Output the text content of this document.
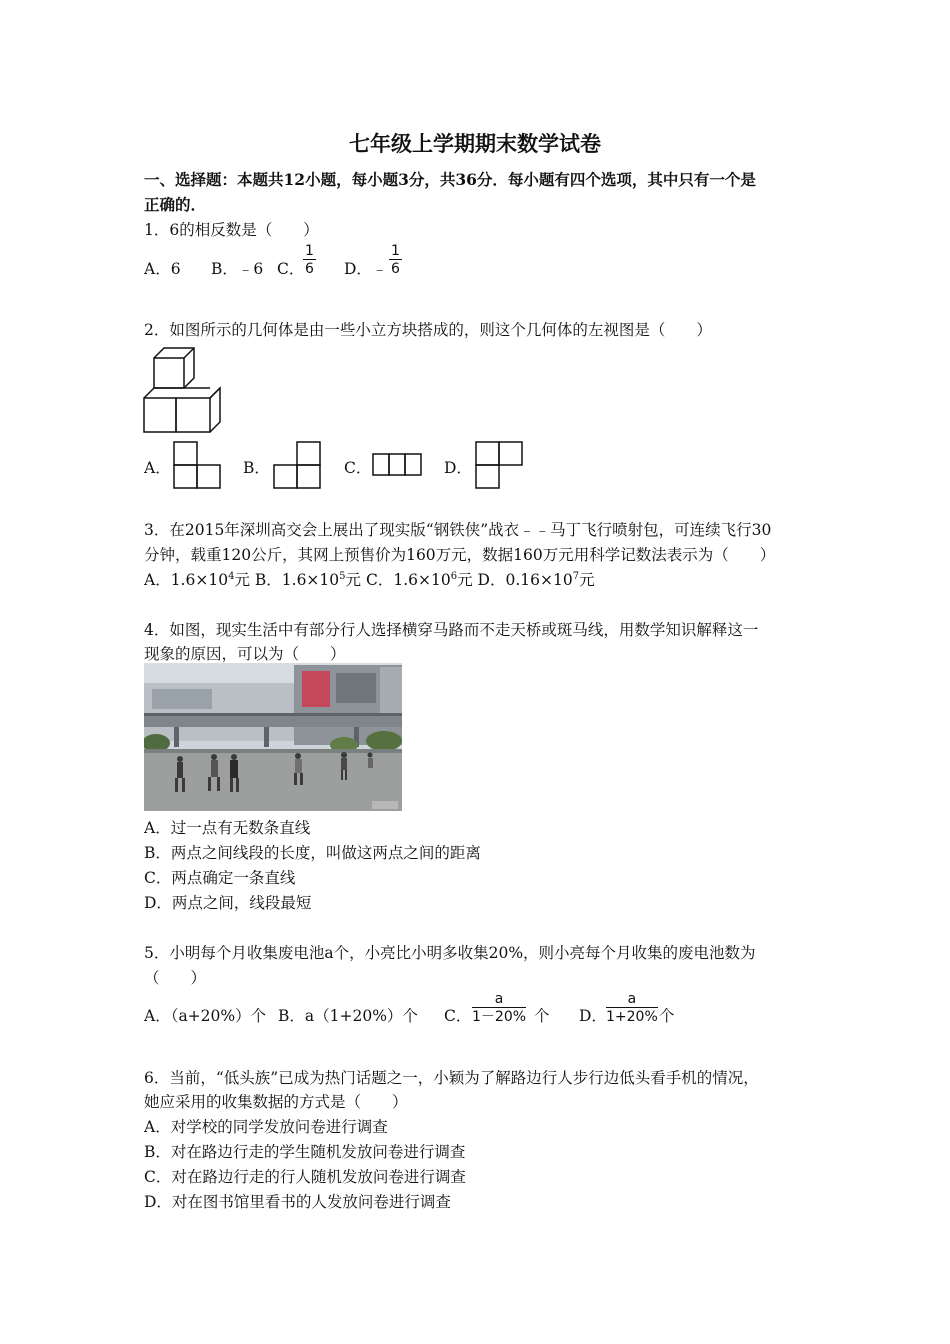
七年级上学期期末数学试卷
一、选择题：本题共12小题，每小题3分，共36分．每小题有四个选项，其中只有一个是
正确的．
1．6的相反数是（　　）
A．6 B．﹣6 C．
$\frac{1}{6}$ D．﹣ $\frac{1}{6}$
2．如图所示的几何体是由一些小立方块搭成的，则这个几何体的左视图是（　　）
A．	B．	C．	D．
3．在2015年深圳高交会上展出了现实版“钢铁侠”战衣﹣﹣马丁飞行喷射包，可连续飞行30
分钟，载重120公斤，其网上预售价为160万元，数据160万元用科学记数法表示为（　　）
A．$1.6\times 10^4$元 B．$1.6\times 10^5$元 C．$1.6\times 10^6$元 D．$0.16\times 10^7$元
4．如图，现实生活中有部分行人选择横穿马路而不走天桥或斑马线，用数学知识解释这一
现象的原因，可以为（　　）
A．过一点有无数条直线
B．两点之间线段的长度，叫做这两点之间的距离
C．两点确定一条直线
D．两点之间，线段最短
5．小明每个月收集废电池a个，小亮比小明多收集20%，则小亮每个月收集的废电池数为
（　　）
A．（a+20%）个 B．a（1+20%）个 C． $\frac{a}{1-20\%}$ 个 D． $\frac{a}{1+20\%}$ 个
6．当前，“低头族”已成为热门话题之一，小颖为了解路边行人步行边低头看手机的情况，
她应采用的收集数据的方式是（　　）
A．对学校的同学发放问卷进行调查
B．对在路边行走的学生随机发放问卷进行调查
C．对在路边行走的行人随机发放问卷进行调查
D．对在图书馆里看书的人发放问卷进行调查
